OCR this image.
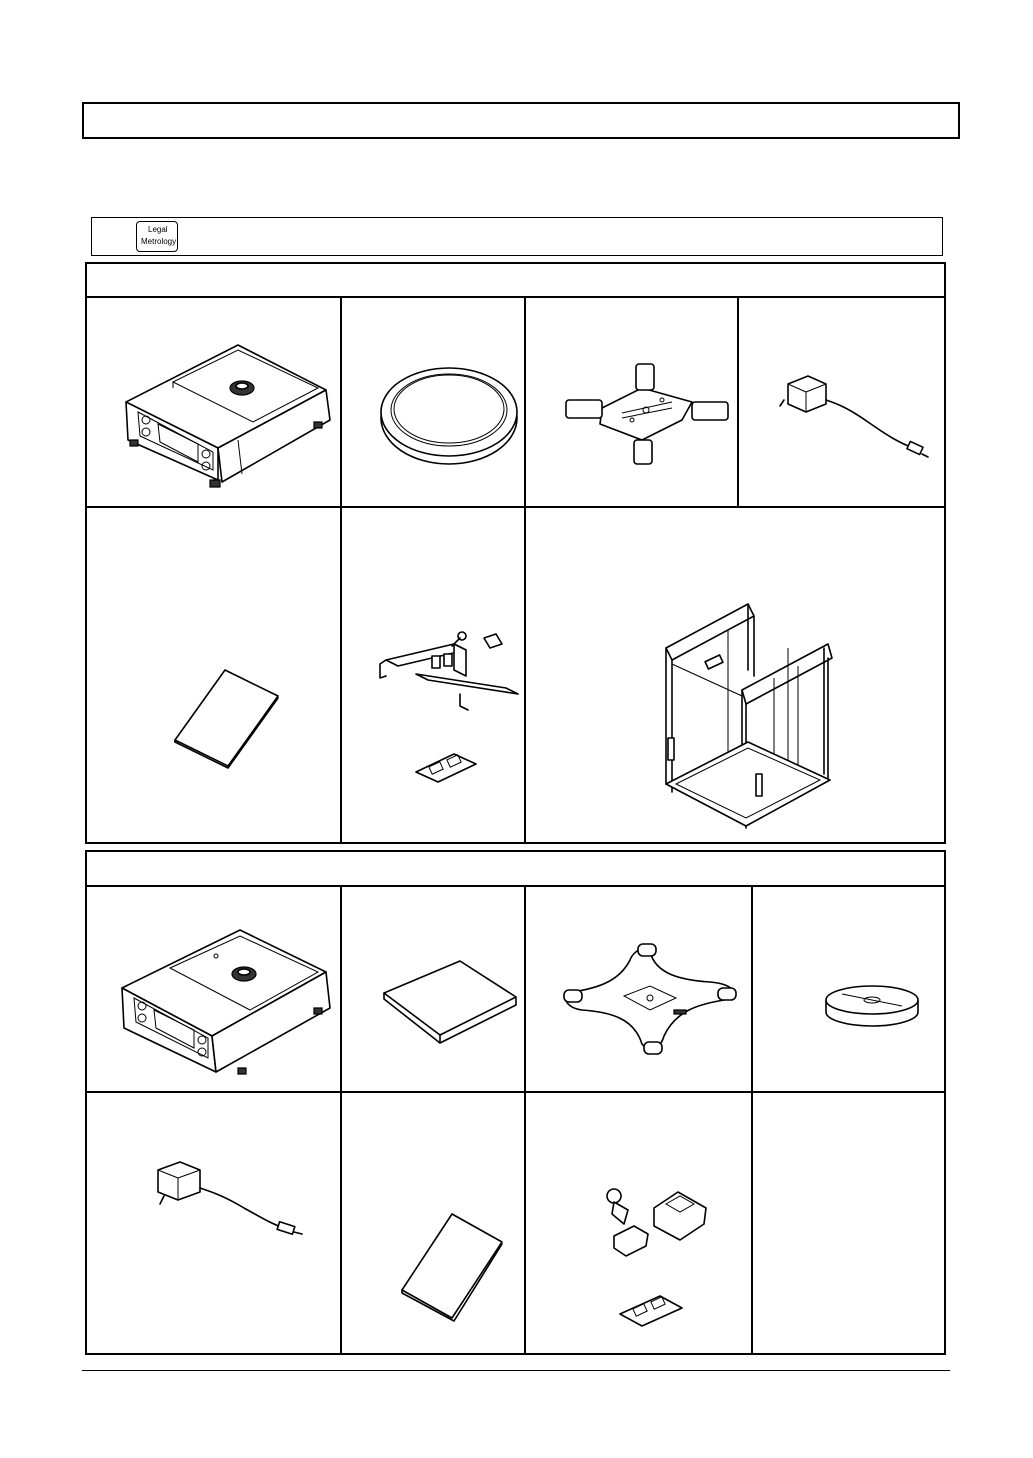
Legal
Metrology
